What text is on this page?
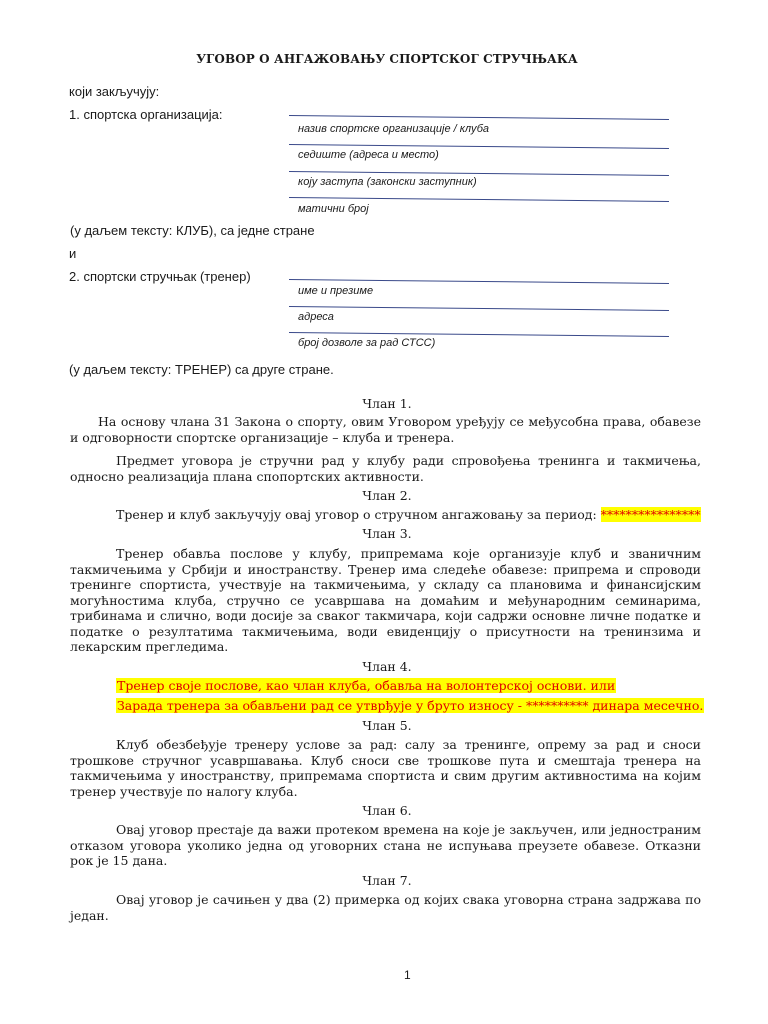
УГОВОР О АНГАЖОВАЊУ СПОРТСКОГ СТРУЧЊАКА
који закључују:
1. спортска организација:
назив спортске организације / клуба
седиште (адреса и место)
коју заступа (законски заступник)
матични број
(у даљем тексту: КЛУБ), са једне стране
и
2. спортски стручњак (тренер)
име и презиме
адреса
број дозволе за рад СТСС)
(у даљем тексту: ТРЕНЕР) са друге стране.
Члан 1.
На основу члана 31 Закона о спорту, овим Уговором уређују се међусобна права, обавезе и одговорности спортске организације – клуба и тренера.
Предмет уговора је стручни рад у клубу ради спровођења тренинга и такмичења, односно реализација плана спопортских активности.
Члан 2.
Тренер и клуб закључују овај уговор о стручном ангажовању за период: ****************
Члан 3.
Тренер обавља послове у клубу, припремама које организује клуб и званичним такмичењима у Србији и иностранству. Тренер има следеће обавезе: припрема и спроводи тренинге спортиста, учествује на такмичењима, у складу са плановима и финансијским могућностима клуба, стручно се усавршава на домаћим и међународним семинарима, трибинама и слично, води досије за сваког такмичара, који садржи основне личне податке и податке о резултатима такмичењима, води евиденцију о присутности на тренинзима и лекарским прегледима.
Члан 4.
Тренер своје послове, као члан клуба, обавља на волонтерској основи. или
Зарада тренера за обављени рад се утврђује у бруто износу - ********** динара месечно.
Члан 5.
Клуб обезбеђује тренеру услове за рад: салу за тренинге, опрему за рад и сноси трошкове стручног усавршавања. Клуб сноси све трошкове пута и смештаја тренера на такмичењима у иностранству, припремама спортиста и свим другим активностима на којим тренер учествује по налогу клуба.
Члан 6.
Овај уговор престаје да важи протеком времена на које је закључен, или једностраним отказом уговора уколико једна од уговорних стана не испуњава преузете обавезе. Отказни рок је 15 дана.
Члан 7.
Овај уговор је сачињен у два (2) примерка од којих свака уговорна страна задржава по један.
1
